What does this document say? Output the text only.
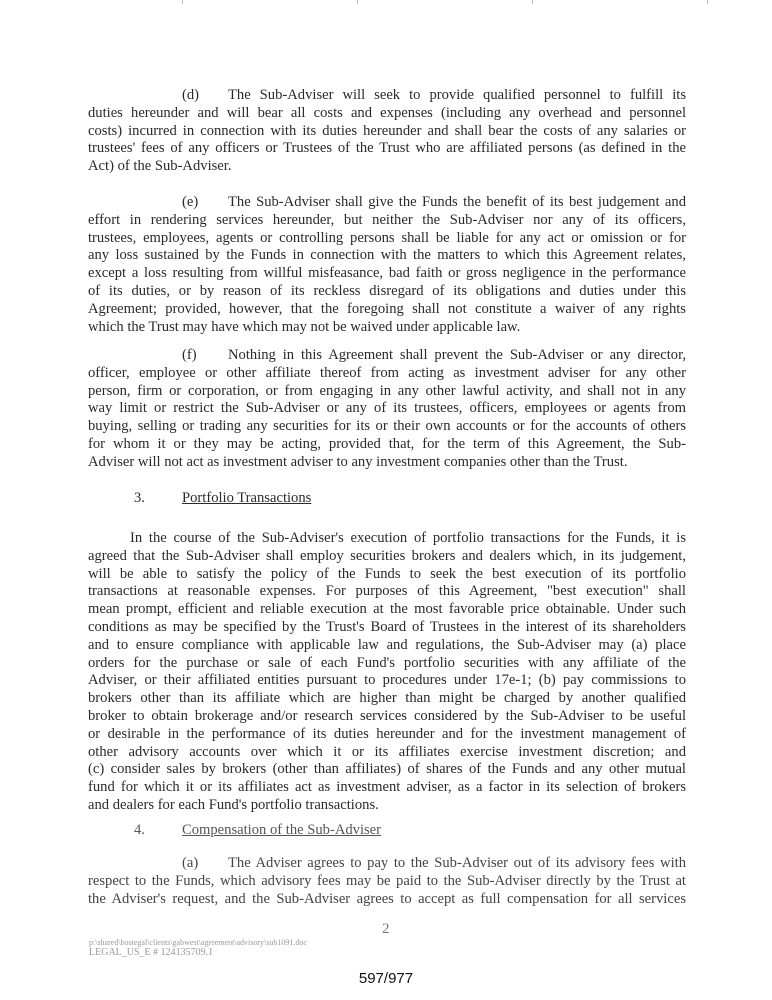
(d) The Sub-Adviser will seek to provide qualified personnel to fulfill its
duties hereunder and will bear all costs and expenses (including any overhead and personnel
costs) incurred in connection with its duties hereunder and shall bear the costs of any salaries or
trustees' fees of any officers or Trustees of the Trust who are affiliated persons (as defined in the
Act) of the Sub-Adviser.
(e) The Sub-Adviser shall give the Funds the benefit of its best judgement and
effort in rendering services hereunder, but neither the Sub-Adviser nor any of its officers,
trustees, employees, agents or controlling persons shall be liable for any act or omission or for
any loss sustained by the Funds in connection with the matters to which this Agreement relates,
except a loss resulting from willful misfeasance, bad faith or gross negligence in the performance
of its duties, or by reason of its reckless disregard of its obligations and duties under this
Agreement; provided, however, that the foregoing shall not constitute a waiver of any rights
which the Trust may have which may not be waived under applicable law.
(f) Nothing in this Agreement shall prevent the Sub-Adviser or any director,
officer, employee or other affiliate thereof from acting as investment adviser for any other
person, firm or corporation, or from engaging in any other lawful activity, and shall not in any
way limit or restrict the Sub-Adviser or any of its trustees, officers, employees or agents from
buying, selling or trading any securities for its or their own accounts or for the accounts of others
for whom it or they may be acting, provided that, for the term of this Agreement, the Sub-
Adviser will not act as investment adviser to any investment companies other than the Trust.
3.	Portfolio Transactions
In the course of the Sub-Adviser's execution of portfolio transactions for the Funds, it is
agreed that the Sub-Adviser shall employ securities brokers and dealers which, in its judgement,
will be able to satisfy the policy of the Funds to seek the best execution of its portfolio
transactions at reasonable expenses. For purposes of this Agreement, "best execution" shall
mean prompt, efficient and reliable execution at the most favorable price obtainable. Under such
conditions as may be specified by the Trust's Board of Trustees in the interest of its shareholders
and to ensure compliance with applicable law and regulations, the Sub-Adviser may (a) place
orders for the purchase or sale of each Fund's portfolio securities with any affiliate of the
Adviser, or their affiliated entities pursuant to procedures under 17e-1; (b) pay commissions to
brokers other than its affiliate which are higher than might be charged by another qualified
broker to obtain brokerage and/or research services considered by the Sub-Adviser to be useful
or desirable in the performance of its duties hereunder and for the investment management of
other advisory accounts over which it or its affiliates exercise investment discretion; and
(c) consider sales by brokers (other than affiliates) of shares of the Funds and any other mutual
fund for which it or its affiliates act as investment adviser, as a factor in its selection of brokers
and dealers for each Fund's portfolio transactions.
4.	Compensation of the Sub-Adviser
(a) The Adviser agrees to pay to the Sub-Adviser out of its advisory fees with
respect to the Funds, which advisory fees may be paid to the Sub-Adviser directly by the Trust at
the Adviser's request, and the Sub-Adviser agrees to accept as full compensation for all services
2
p:\shared\bostegal\clients\gabwest\agreement\advisory\sub1091.doc
LEGAL_US_E # 124135709.1
597/977
